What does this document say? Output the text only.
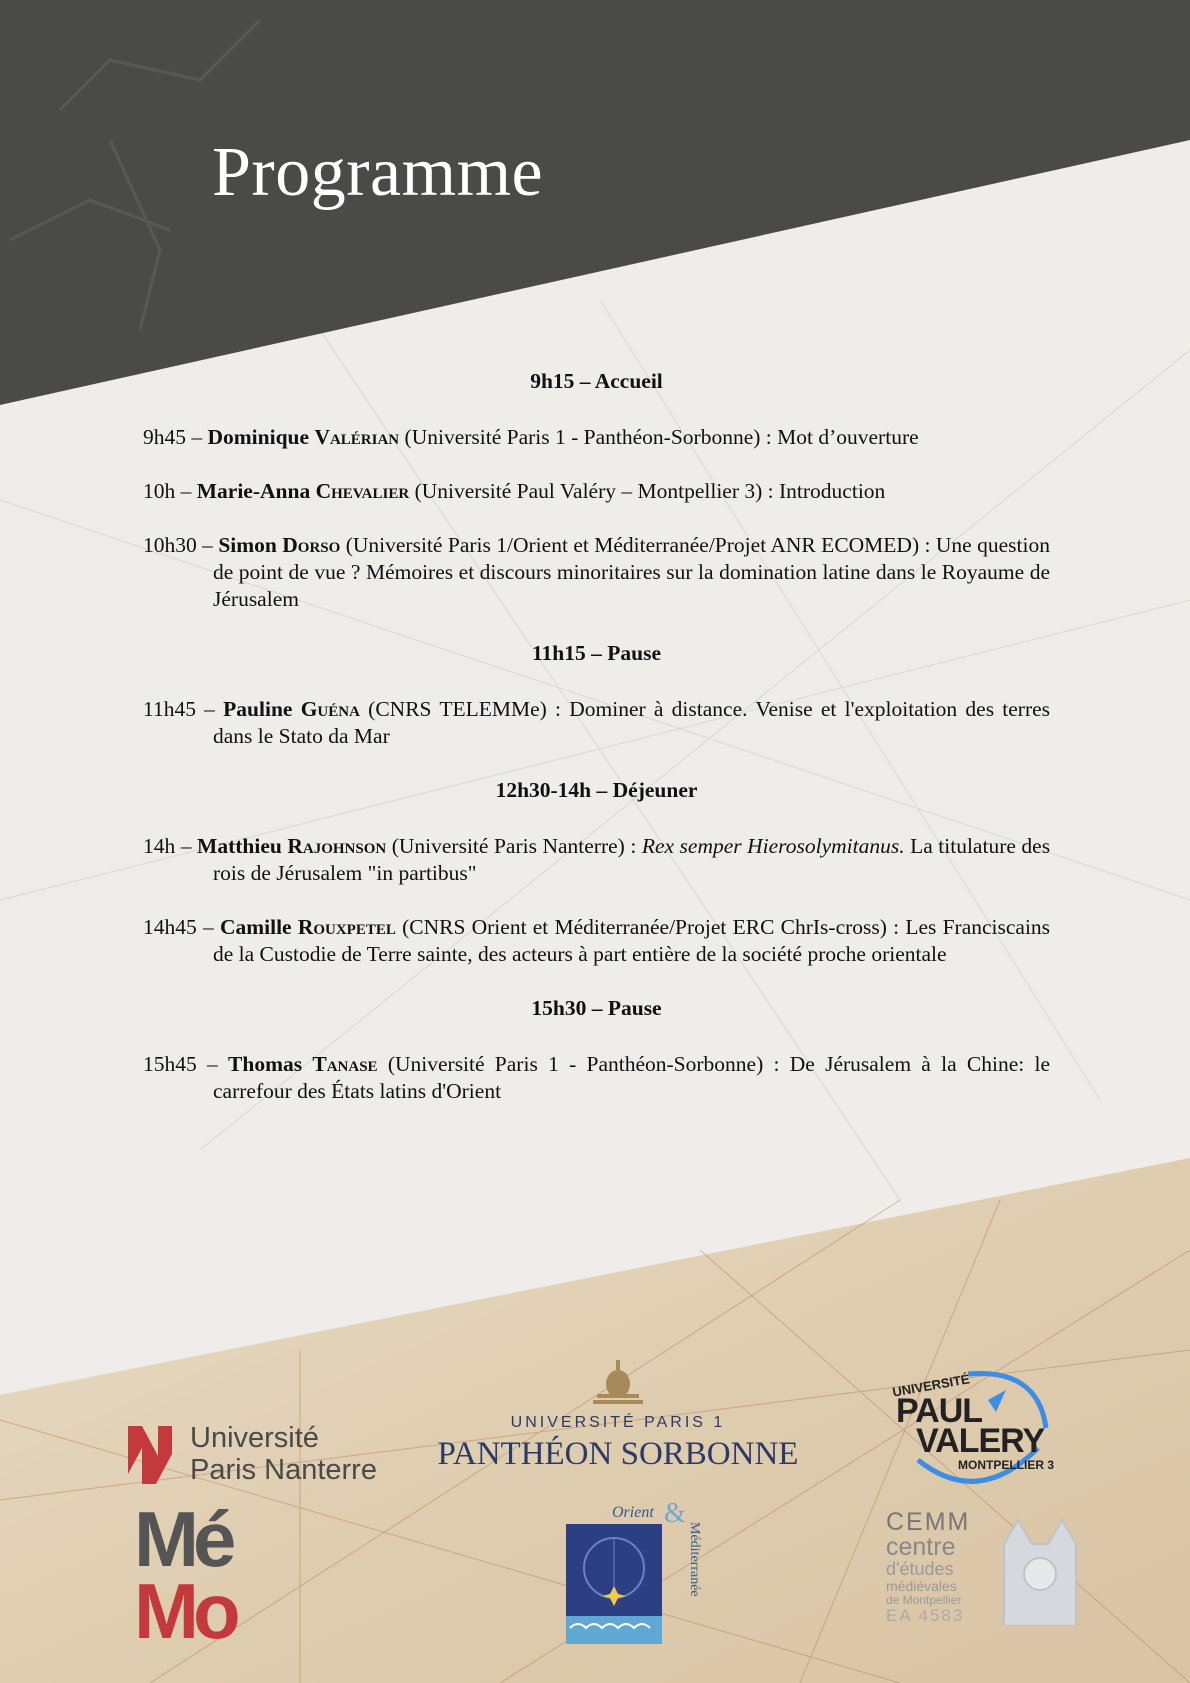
Programme

9h15 – Accueil

9h45 – Dominique Valérian (Université Paris 1 - Panthéon-Sorbonne) : Mot d’ouverture

10h – Marie-Anna Chevalier (Université Paul Valéry – Montpellier 3) : Introduction

10h30 – Simon Dorso (Université Paris 1/Orient et Méditerranée/Projet ANR ECOMED) : Une question de point de vue ? Mémoires et discours minoritaires sur la domination latine dans le Royaume de Jérusalem

11h15 – Pause

11h45 – Pauline Guéna (CNRS TELEMMe) : Dominer à distance. Venise et l'exploitation des terres dans le Stato da Mar

12h30-14h – Déjeuner

14h – Matthieu Rajohnson (Université Paris Nanterre) : Rex semper Hierosolymitanus. La titulature des rois de Jérusalem "in partibus"

14h45 – Camille Rouxpetel (CNRS Orient et Méditerranée/Projet ERC ChrIs-cross) : Les Franciscains de la Custodie de Terre sainte, des acteurs à part entière de la société proche orientale

15h30 – Pause

15h45 – Thomas Tanase (Université Paris 1 - Panthéon-Sorbonne) : De Jérusalem à la Chine: le carrefour des États latins d'Orient

Université
Paris Nanterre
UNIVERSITÉ PARIS 1
PANTHÉON SORBONNE
UNIVERSITÉ
PAUL
VALERY
MONTPELLIER 3
Mé
Mo
Orient &
Méditerranée	CEMM
centre
d'études
médiévales
de Montpellier
EA 4583
